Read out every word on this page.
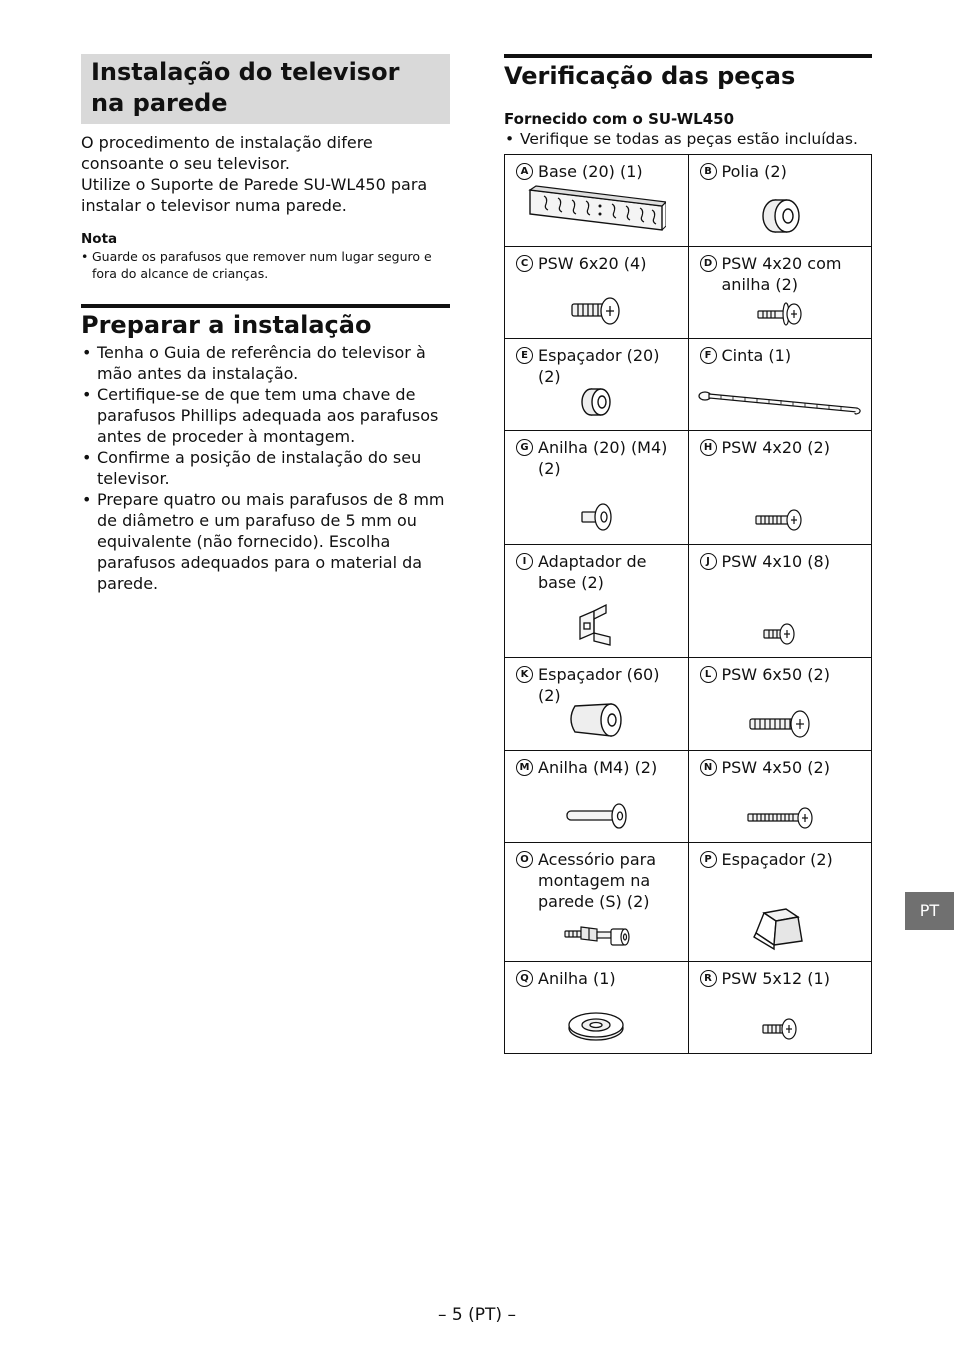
Instalação do televisor na parede

O procedimento de instalação difere consoante o seu televisor.

Utilize o Suporte de Parede SU-WL450 para instalar o televisor numa parede.

Nota
• Guarde os parafusos que remover num lugar seguro e fora do alcance de crianças.
Preparar a instalação
• Tenha o Guia de referência do televisor à mão antes da instalação.
• Certifique-se de que tem uma chave de parafusos Phillips adequada aos parafusos antes de proceder à montagem.
• Confirme a posição de instalação do seu televisor.
• Prepare quatro ou mais parafusos de 8 mm de diâmetro e um parafuso de 5 mm ou equivalente (não fornecido). Escolha parafusos adequados para o material da parede.
Verificação das peças
Fornecido com o SU-WL450
• Verifique se todas as peças estão incluídas.
A Base (20) (1)	B Polia (2)

C PSW 6x20 (4)	D PSW 4x20 com anilha (2)

E Espaçador (20) (2)	F Cinta (1)

G Anilha (20) (M4) (2)	H PSW 4x20 (2)

I Adaptador de base (2)	J PSW 4x10 (8)

K Espaçador (60) (2)	L PSW 6x50 (2)

M Anilha (M4) (2)	N PSW 4x50 (2)

O Acessório para montagem na parede (S) (2)	P Espaçador (2)

Q Anilha (1)	R PSW 5x12 (1)
PT
– 5 (PT) –
